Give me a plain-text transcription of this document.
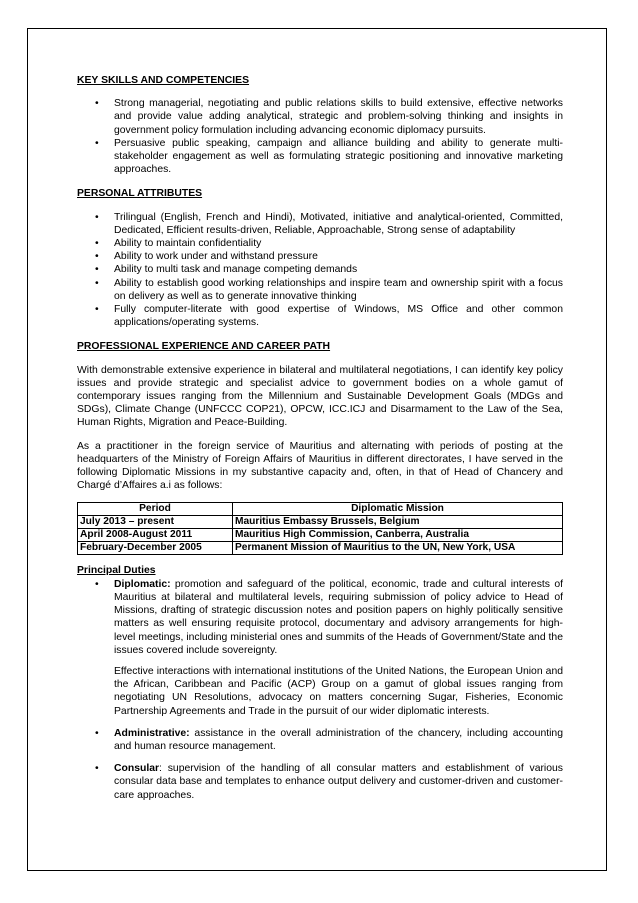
KEY SKILLS AND COMPETENCIES
• Strong managerial, negotiating and public relations skills to build extensive, effective networks and provide value adding analytical, strategic and problem-solving thinking and insights in government policy formulation including advancing economic diplomacy pursuits.
• Persuasive public speaking, campaign and alliance building and ability to generate multi-stakeholder engagement as well as formulating strategic positioning and innovative marketing approaches.
PERSONAL ATTRIBUTES
• Trilingual (English, French and Hindi), Motivated, initiative and analytical-oriented, Committed, Dedicated, Efficient results-driven, Reliable, Approachable, Strong sense of adaptability
• Ability to maintain confidentiality
• Ability to work under and withstand pressure
• Ability to multi task and manage competing demands
• Ability to establish good working relationships and inspire team and ownership spirit with a focus on delivery as well as to generate innovative thinking
• Fully computer-literate with good expertise of Windows, MS Office and other common applications/operating systems.
PROFESSIONAL EXPERIENCE AND CAREER PATH

With demonstrable extensive experience in bilateral and multilateral negotiations, I can identify key policy issues and provide strategic and specialist advice to government bodies on a whole gamut of contemporary issues ranging from the Millennium and Sustainable Development Goals (MDGs and SDGs), Climate Change (UNFCCC COP21), OPCW, ICC.ICJ and Disarmament to the Law of the Sea, Human Rights, Migration and Peace-Building.

As a practitioner in the foreign service of Mauritius and alternating with periods of posting at the headquarters of the Ministry of Foreign Affairs of Mauritius in different directorates, I have served in the following Diplomatic Missions in my substantive capacity and, often, in that of Head of Chancery and Chargé d’Affaires a.i as follows:

Period	Diplomatic Mission
July 2013 – present	Mauritius Embassy Brussels, Belgium
April 2008-August 2011	Mauritius High Commission, Canberra, Australia
February-December 2005	Permanent Mission of Mauritius to the UN, New York, USA
Principal Duties
• Diplomatic: promotion and safeguard of the political, economic, trade and cultural interests of Mauritius at bilateral and multilateral levels, requiring submission of policy advice to Head of Missions, drafting of strategic discussion notes and position papers on highly politically sensitive matters as well ensuring requisite protocol, documentary and advisory arrangements for high-level meetings, including ministerial ones and summits of the Heads of Government/State and the issues covered include sovereignty.

Effective interactions with international institutions of the United Nations, the European Union and the African, Caribbean and Pacific (ACP) Group on a gamut of global issues ranging from negotiating UN Resolutions, advocacy on matters concerning Sugar, Fisheries, Economic Partnership Agreements and Trade in the pursuit of our wider diplomatic interests.

• Administrative: assistance in the overall administration of the chancery, including accounting and human resource management.

• Consular: supervision of the handling of all consular matters and establishment of various consular data base and templates to enhance output delivery and customer-driven and customer-care approaches.
